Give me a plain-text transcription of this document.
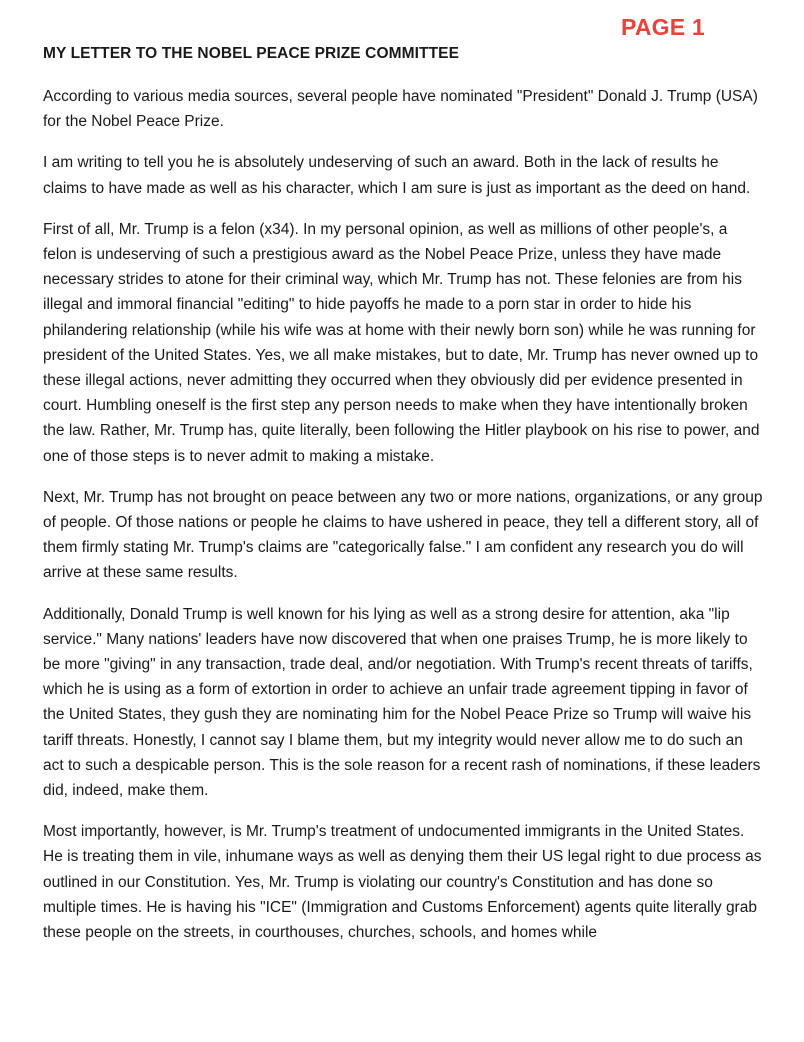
PAGE 1
MY LETTER TO THE NOBEL PEACE PRIZE COMMITTEE

According to various media sources, several people have nominated "President" Donald J. Trump (USA) for the Nobel Peace Prize.

I am writing to tell you he is absolutely undeserving of such an award. Both in the lack of results he claims to have made as well as his character, which I am sure is just as important as the deed on hand.

First of all, Mr. Trump is a felon (x34). In my personal opinion, as well as millions of other people's, a felon is undeserving of such a prestigious award as the Nobel Peace Prize, unless they have made necessary strides to atone for their criminal way, which Mr. Trump has not. These felonies are from his illegal and immoral financial "editing" to hide payoffs he made to a porn star in order to hide his philandering relationship (while his wife was at home with their newly born son) while he was running for president of the United States. Yes, we all make mistakes, but to date, Mr. Trump has never owned up to these illegal actions, never admitting they occurred when they obviously did per evidence presented in court. Humbling oneself is the first step any person needs to make when they have intentionally broken the law. Rather, Mr. Trump has, quite literally, been following the Hitler playbook on his rise to power, and one of those steps is to never admit to making a mistake.

Next, Mr. Trump has not brought on peace between any two or more nations, organizations, or any group of people. Of those nations or people he claims to have ushered in peace, they tell a different story, all of them firmly stating Mr. Trump's claims are "categorically false." I am confident any research you do will arrive at these same results.

Additionally, Donald Trump is well known for his lying as well as a strong desire for attention, aka "lip service." Many nations' leaders have now discovered that when one praises Trump, he is more likely to be more "giving" in any transaction, trade deal, and/or negotiation. With Trump's recent threats of tariffs, which he is using as a form of extortion in order to achieve an unfair trade agreement tipping in favor of the United States, they gush they are nominating him for the Nobel Peace Prize so Trump will waive his tariff threats. Honestly, I cannot say I blame them, but my integrity would never allow me to do such an act to such a despicable person. This is the sole reason for a recent rash of nominations, if these leaders did, indeed, make them.

Most importantly, however, is Mr. Trump's treatment of undocumented immigrants in the United States. He is treating them in vile, inhumane ways as well as denying them their US legal right to due process as outlined in our Constitution. Yes, Mr. Trump is violating our country's Constitution and has done so multiple times. He is having his "ICE" (Immigration and Customs Enforcement) agents quite literally grab these people on the streets, in courthouses, churches, schools, and homes while
